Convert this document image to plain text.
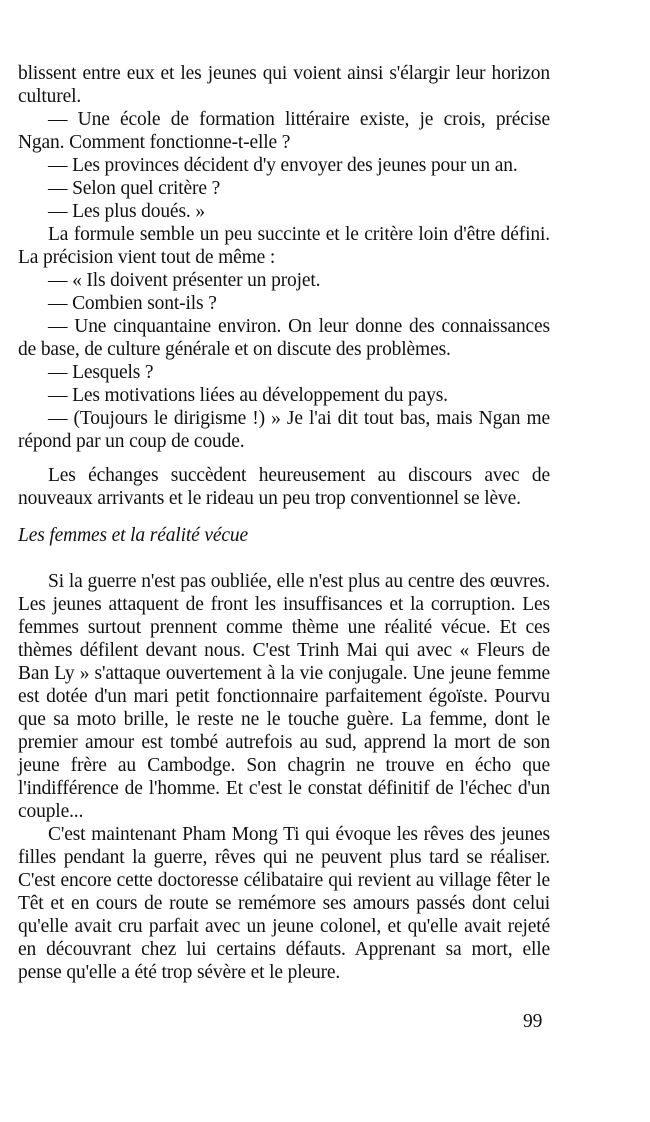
blissent entre eux et les jeunes qui voient ainsi s'élargir leur horizon culturel.

— Une école de formation littéraire existe, je crois, précise Ngan. Comment fonctionne-t-elle ?

— Les provinces décident d'y envoyer des jeunes pour un an.

— Selon quel critère ?

— Les plus doués. »

La formule semble un peu succinte et le critère loin d'être défini. La précision vient tout de même :

— « Ils doivent présenter un projet.

— Combien sont-ils ?

— Une cinquantaine environ. On leur donne des connaissances de base, de culture générale et on discute des problèmes.

— Lesquels ?

— Les motivations liées au développement du pays.

— (Toujours le dirigisme !) » Je l'ai dit tout bas, mais Ngan me répond par un coup de coude.

Les échanges succèdent heureusement au discours avec de nouveaux arrivants et le rideau un peu trop conventionnel se lève.

Les femmes et la réalité vécue

Si la guerre n'est pas oubliée, elle n'est plus au centre des œuvres. Les jeunes attaquent de front les insuffisances et la corruption. Les femmes surtout prennent comme thème une réalité vécue. Et ces thèmes défilent devant nous. C'est Trinh Mai qui avec « Fleurs de Ban Ly » s'attaque ouvertement à la vie conjugale. Une jeune femme est dotée d'un mari petit fonctionnaire parfaitement égoïste. Pourvu que sa moto brille, le reste ne le touche guère. La femme, dont le premier amour est tombé autrefois au sud, apprend la mort de son jeune frère au Cambodge. Son chagrin ne trouve en écho que l'indifférence de l'homme. Et c'est le constat définitif de l'échec d'un couple...

C'est maintenant Pham Mong Ti qui évoque les rêves des jeunes filles pendant la guerre, rêves qui ne peuvent plus tard se réaliser. C'est encore cette doctoresse célibataire qui revient au village fêter le Têt et en cours de route se remémore ses amours passés dont celui qu'elle avait cru parfait avec un jeune colonel, et qu'elle avait rejeté en découvrant chez lui certains défauts. Apprenant sa mort, elle pense qu'elle a été trop sévère et le pleure.

99
